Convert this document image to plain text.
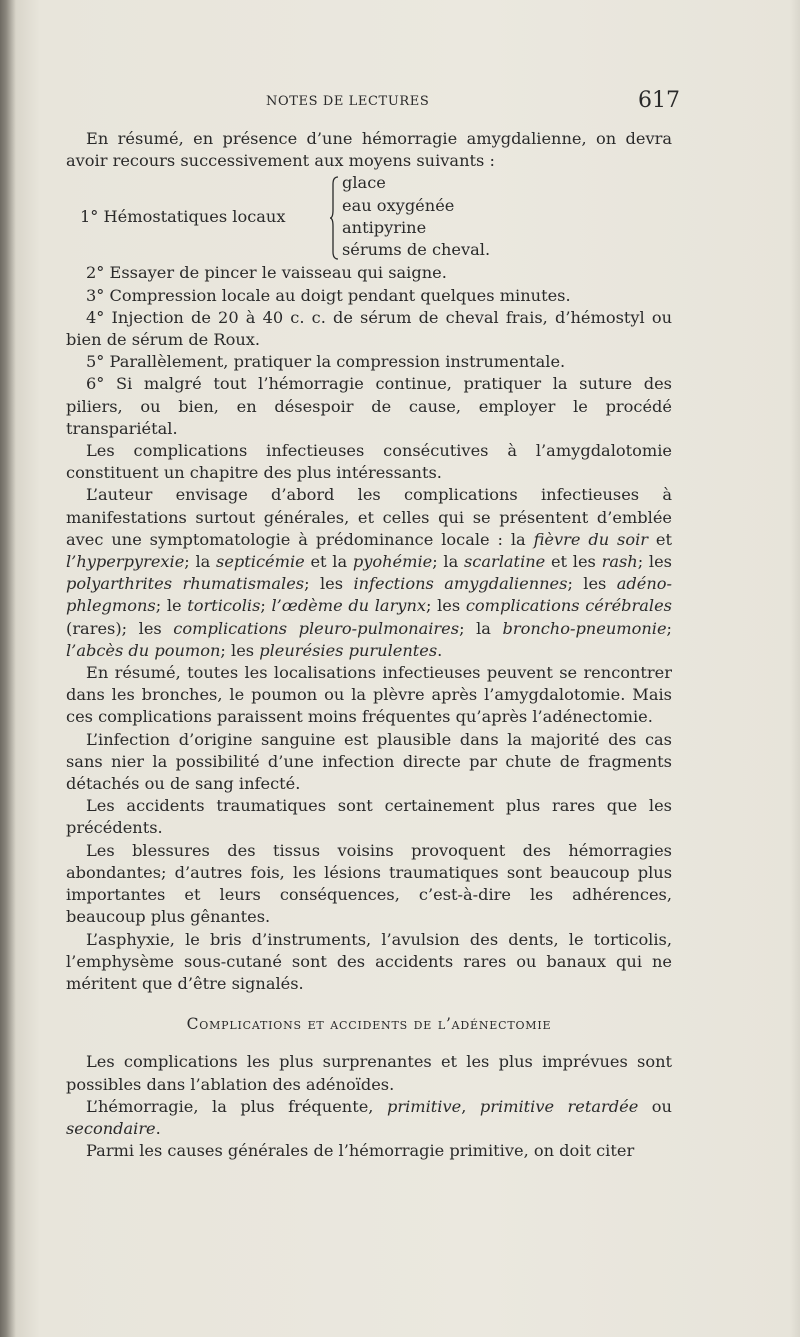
NOTES DE LECTURES	617

En résumé, en présence d’une hémorragie amygdalienne, on devra avoir recours successivement aux moyens suivants :

1° Hémostatiques locaux
glace
eau oxygénée
antipyrine
sérums de cheval.

2° Essayer de pincer le vaisseau qui saigne.

3° Compression locale au doigt pendant quelques minutes.

4° Injection de 20 à 40 c. c. de sérum de cheval frais, d’hémostyl ou bien de sérum de Roux.

5° Parallèlement, pratiquer la compression instrumentale.

6° Si malgré tout l’hémorragie continue, pratiquer la suture des piliers, ou bien, en désespoir de cause, employer le procédé transpariétal.

Les complications infectieuses consécutives à l’amygdalotomie constituent un chapitre des plus intéressants.

L’auteur envisage d’abord les complications infectieuses à manifestations surtout générales, et celles qui se présentent d’emblée avec une symptomatologie à prédominance locale : la fièvre du soir et l’hyperpyrexie; la septicémie et la pyohémie; la scarlatine et les rash; les polyarthrites rhumatismales; les infections amygdaliennes; les adéno-phlegmons; le torticolis; l’œdème du larynx; les complications cérébrales (rares); les complications pleuro-pulmonaires; la broncho-pneumonie; l’abcès du poumon; les pleurésies purulentes.

En résumé, toutes les localisations infectieuses peuvent se rencontrer dans les bronches, le poumon ou la plèvre après l’amygdalotomie. Mais ces complications paraissent moins fréquentes qu’après l’adénectomie.

L’infection d’origine sanguine est plausible dans la majorité des cas sans nier la possibilité d’une infection directe par chute de fragments détachés ou de sang infecté.

Les accidents traumatiques sont certainement plus rares que les précédents.

Les blessures des tissus voisins provoquent des hémorragies abondantes; d’autres fois, les lésions traumatiques sont beaucoup plus importantes et leurs conséquences, c’est-à-dire les adhérences, beaucoup plus gênantes.

L’asphyxie, le bris d’instruments, l’avulsion des dents, le torticolis, l’emphysème sous-cutané sont des accidents rares ou banaux qui ne méritent que d’être signalés.

Complications et accidents de l’adénectomie

Les complications les plus surprenantes et les plus imprévues sont possibles dans l’ablation des adénoïdes.

L’hémorragie, la plus fréquente, primitive, primitive retardée ou secondaire.

Parmi les causes générales de l’hémorragie primitive, on doit citer
